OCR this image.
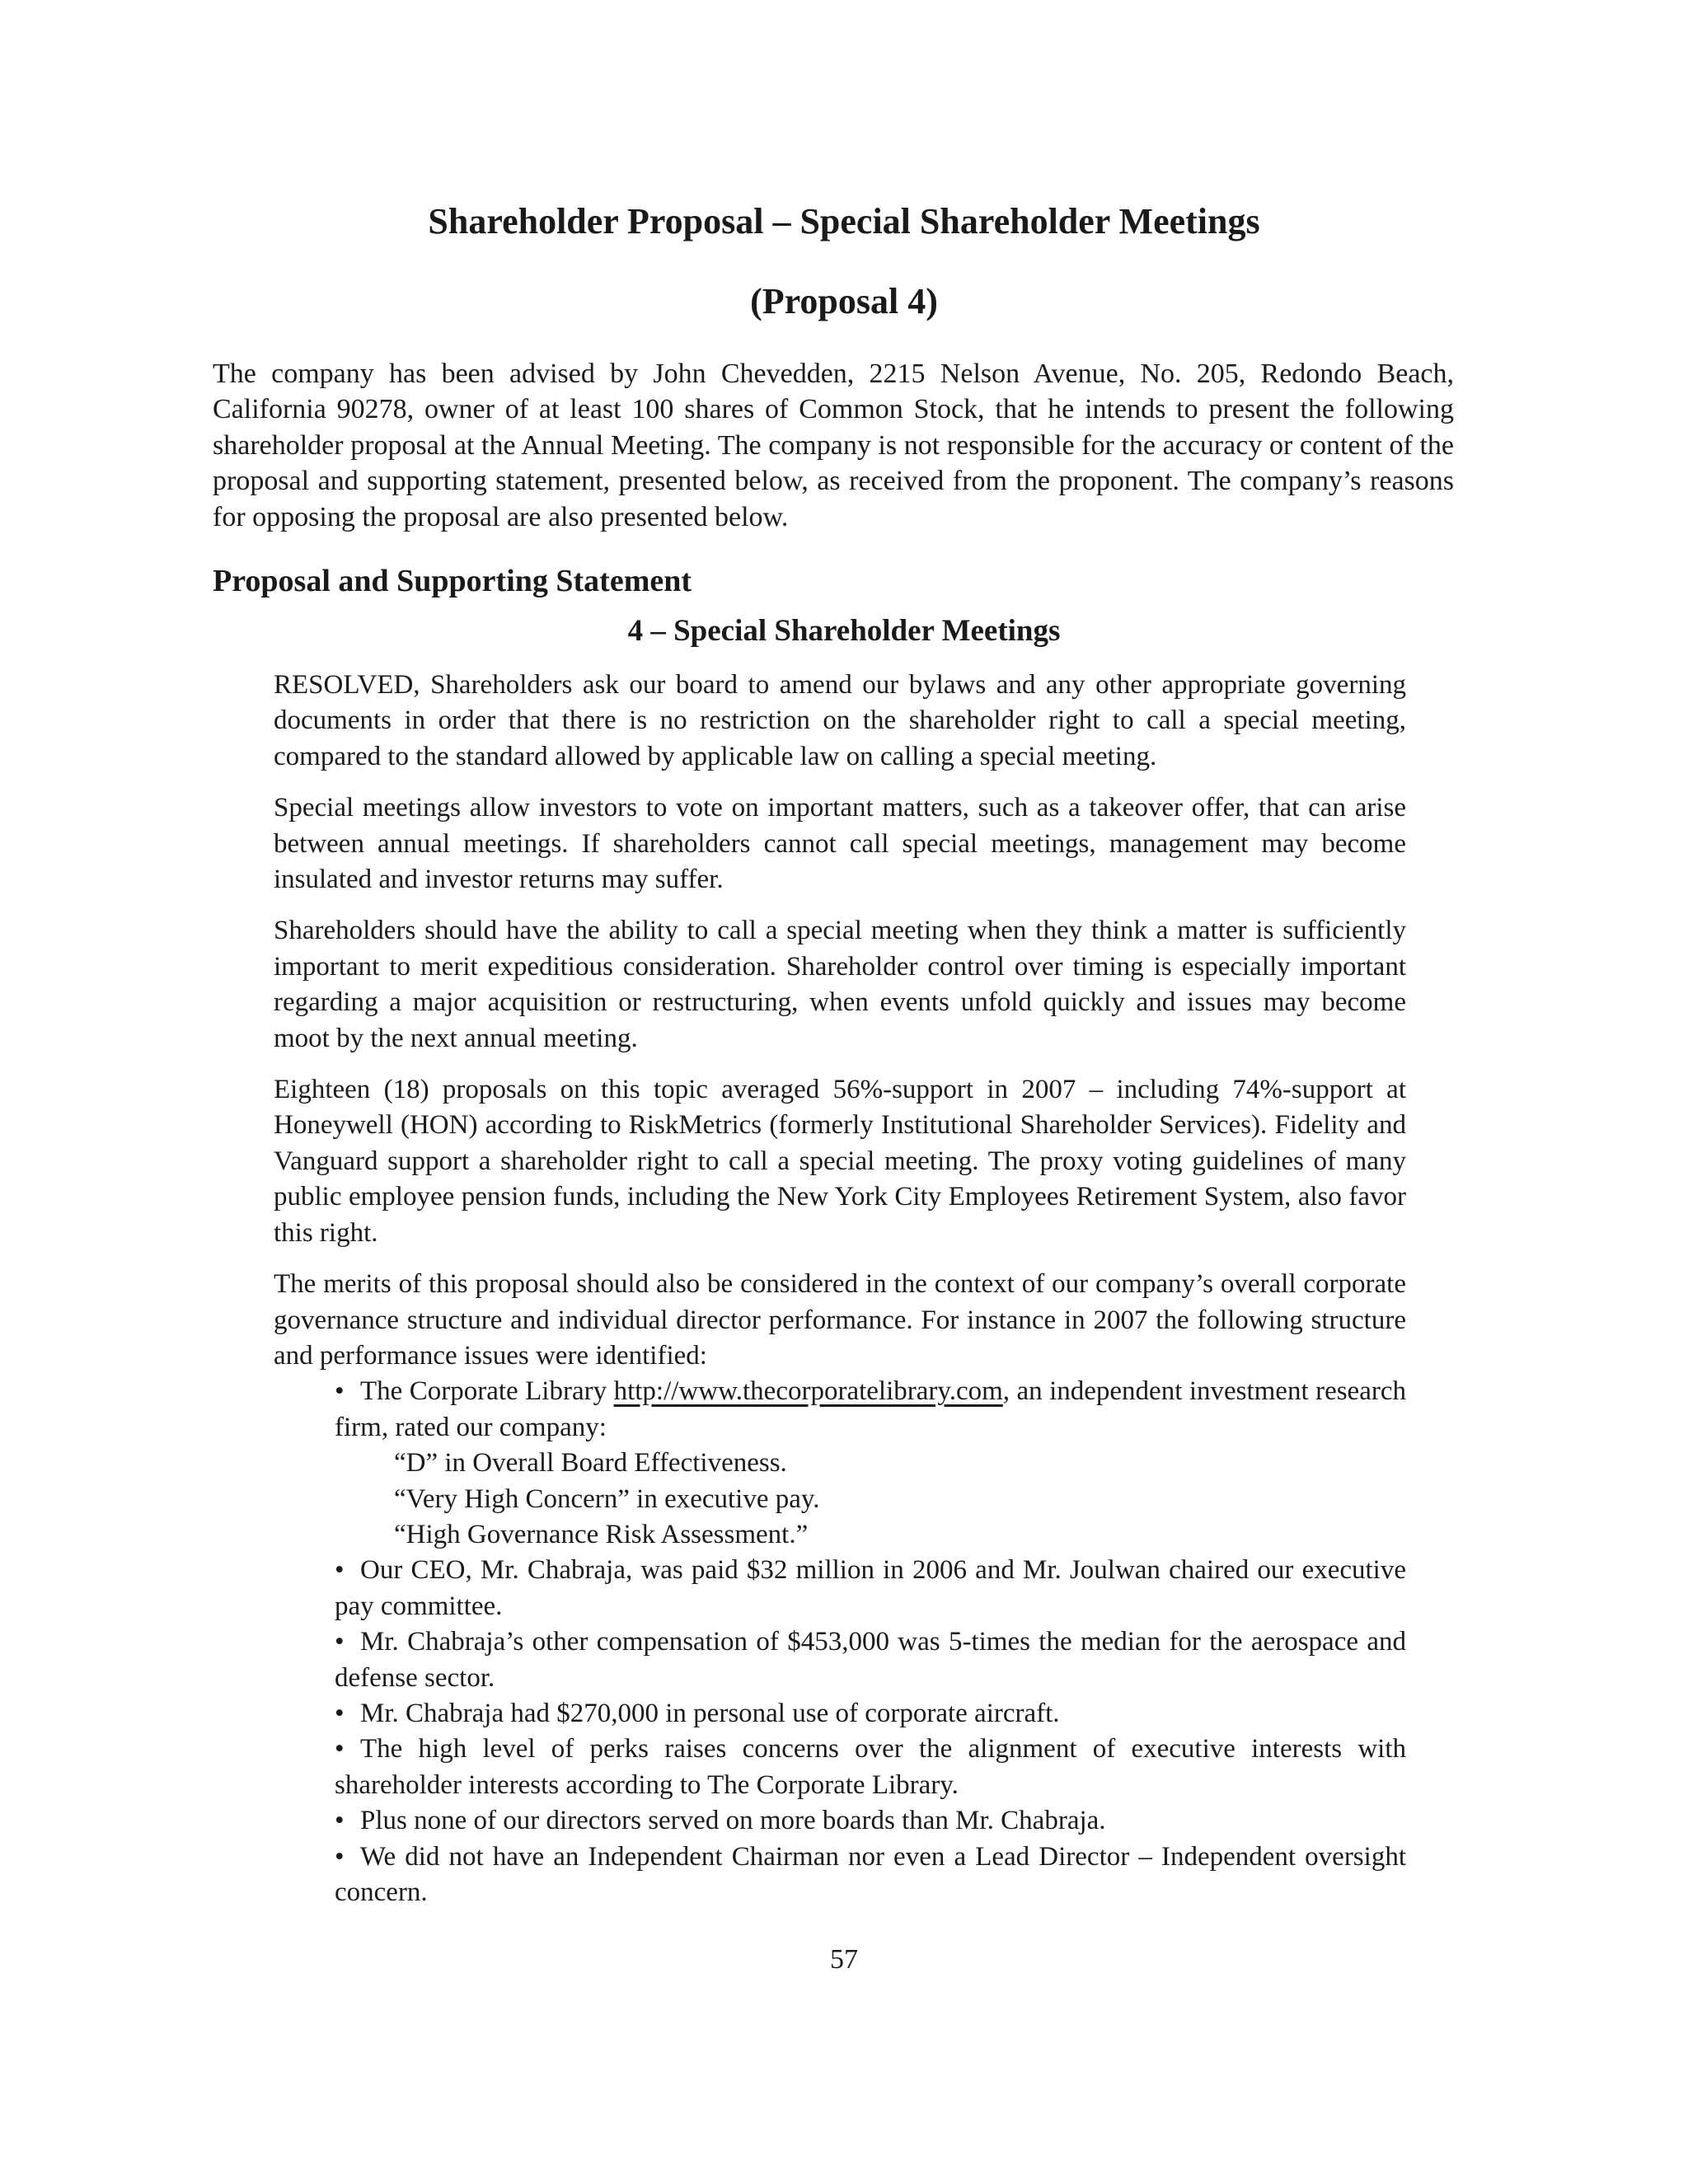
Shareholder Proposal – Special Shareholder Meetings
(Proposal 4)

The company has been advised by John Chevedden, 2215 Nelson Avenue, No. 205, Redondo Beach, California 90278, owner of at least 100 shares of Common Stock, that he intends to present the following shareholder proposal at the Annual Meeting. The company is not responsible for the accuracy or content of the proposal and supporting statement, presented below, as received from the proponent. The company’s reasons for opposing the proposal are also presented below.

Proposal and Supporting Statement
4 – Special Shareholder Meetings

RESOLVED, Shareholders ask our board to amend our bylaws and any other appropriate governing documents in order that there is no restriction on the shareholder right to call a special meeting, compared to the standard allowed by applicable law on calling a special meeting.

Special meetings allow investors to vote on important matters, such as a takeover offer, that can arise between annual meetings. If shareholders cannot call special meetings, management may become insulated and investor returns may suffer.

Shareholders should have the ability to call a special meeting when they think a matter is sufficiently important to merit expeditious consideration. Shareholder control over timing is especially important regarding a major acquisition or restructuring, when events unfold quickly and issues may become moot by the next annual meeting.

Eighteen (18) proposals on this topic averaged 56%-support in 2007 – including 74%-support at Honeywell (HON) according to RiskMetrics (formerly Institutional Shareholder Services). Fidelity and Vanguard support a shareholder right to call a special meeting. The proxy voting guidelines of many public employee pension funds, including the New York City Employees Retirement System, also favor this right.

The merits of this proposal should also be considered in the context of our company’s overall corporate governance structure and individual director performance. For instance in 2007 the following structure and performance issues were identified:

• The Corporate Library http://www.thecorporatelibrary.com, an independent investment research firm, rated our company:
“D” in Overall Board Effectiveness.
“Very High Concern” in executive pay.
“High Governance Risk Assessment.”
• Our CEO, Mr. Chabraja, was paid $32 million in 2006 and Mr. Joulwan chaired our executive pay committee.
• Mr. Chabraja’s other compensation of $453,000 was 5-times the median for the aerospace and defense sector.
• Mr. Chabraja had $270,000 in personal use of corporate aircraft.
• The high level of perks raises concerns over the alignment of executive interests with shareholder interests according to The Corporate Library.
• Plus none of our directors served on more boards than Mr. Chabraja.
• We did not have an Independent Chairman nor even a Lead Director – Independent oversight concern.

57
